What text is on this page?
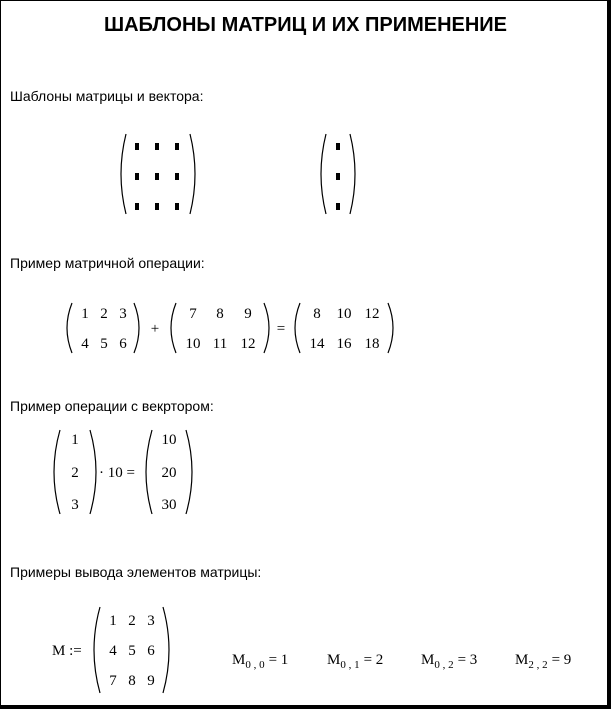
ШАБЛОНЫ МАТРИЦ И ИХ ПРИМЕНЕНИЕ
Шаблоны матрицы и вектора:
1 2 3
4 5 6
+
7 8 9
10 11 12
=
8 10 12
14 16 18
1
2
3
· 10 =
10
20
30
M :=
1 2 3
4 5 6
7 8 9
$M_{0 , 0} = 1$	$M_{0 , 1} = 2$	$M_{0 , 2} = 3$	$M_{2 , 2} = 9$
Пример матричной операции:
Пример операции с векртором:
Примеры вывода элементов матрицы:
